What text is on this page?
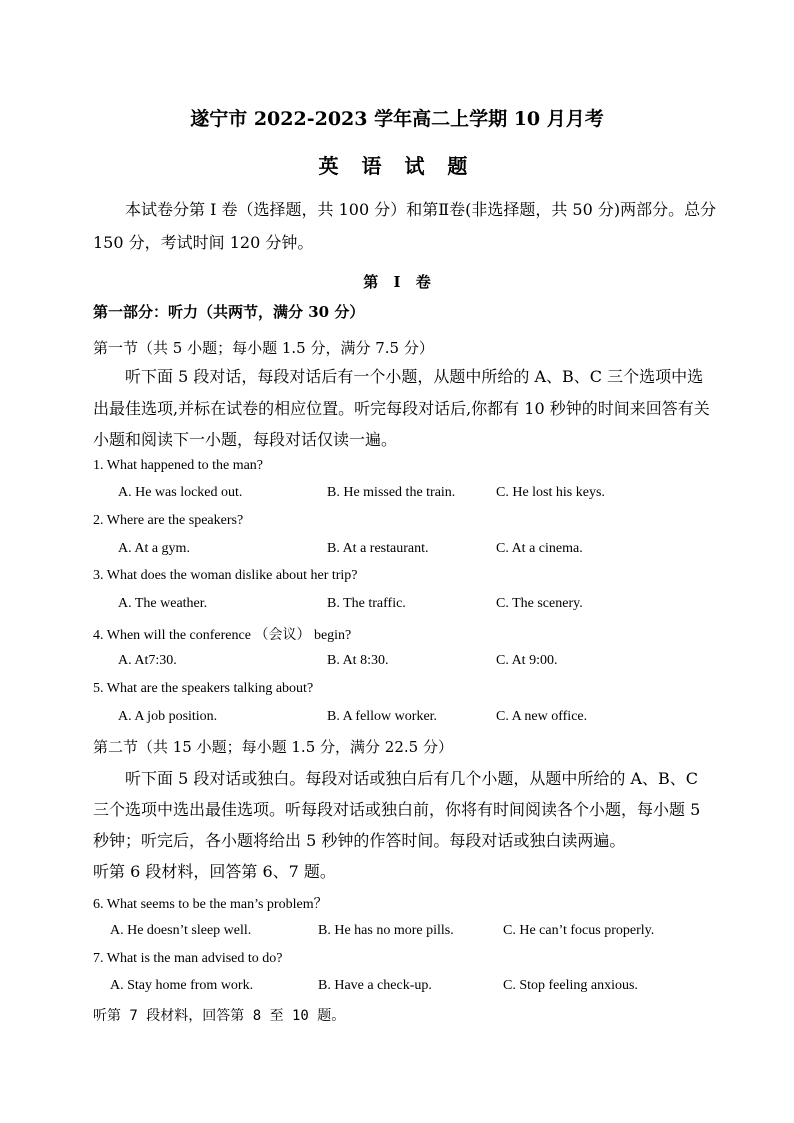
遂宁市 2022-2023 学年高二上学期 10 月月考
英 语 试 题
本试卷分第 I 卷（选择题，共 100 分）和第Ⅱ卷(非选择题，共 50 分)两部分。总分
150 分，考试时间 120 分钟。
第 I 卷
第一部分：听力（共两节，满分 30 分）
第一节（共 5 小题；每小题 1.5 分，满分 7.5 分）
听下面 5 段对话，每段对话后有一个小题，从题中所给的 A、B、C 三个选项中选
出最佳选项,并标在试卷的相应位置。听完每段对话后,你都有 10 秒钟的时间来回答有关
小题和阅读下一小题，每段对话仅读一遍。
1. What happened to the man?
A. He was locked out.	B. He missed the train.	C. He lost his keys.
2. Where are the speakers?
A. At a gym.	B. At a restaurant.	C. At a cinema.
3. What does the woman dislike about her trip?
A. The weather.	B. The traffic.	C. The scenery.
4. When will the conference （会议） begin?
A. At7:30.	B. At 8:30.	C. At 9:00.
5. What are the speakers talking about?
A. A job position.	B. A fellow worker.	C. A new office.
第二节（共 15 小题；每小题 1.5 分，满分 22.5 分）
听下面 5 段对话或独白。每段对话或独白后有几个小题，从题中所给的 A、B、C
三个选项中选出最佳选项。听每段对话或独白前，你将有时间阅读各个小题，每小题 5
秒钟；听完后，各小题将给出 5 秒钟的作答时间。每段对话或独白读两遍。
听第 6 段材料，回答第 6、7 题。
6. What seems to be the man’s problem？
A. He doesn’t sleep well.	B. He has no more pills.	C. He can’t focus properly.
7. What is the man advised to do?
A. Stay home from work.	B. Have a check-up.	C. Stop feeling anxious.
听第 7 段材料，回答第 8 至 10 题。
